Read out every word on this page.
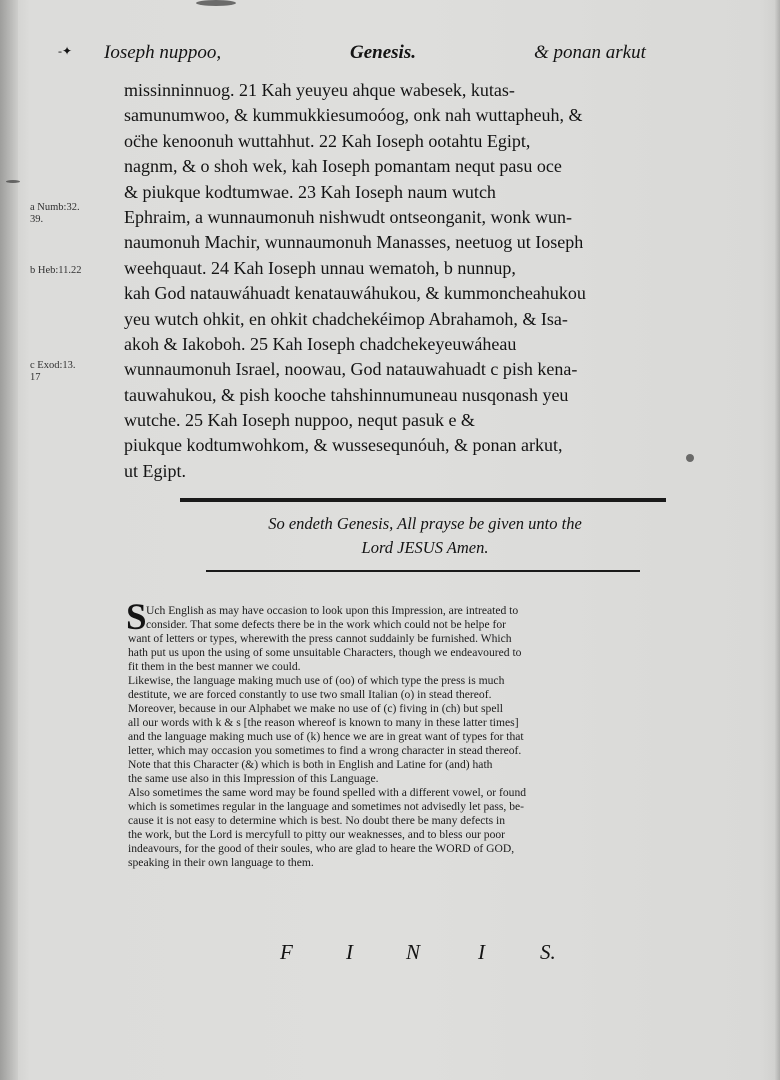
Ioseph nuppoo,	Genesis.	& ponan arkut
-✦
a Numb:32.
39.
b Heb:11.22
c Exod:13.
17
missinninnuog. 21 Kah yeuyeu ahque wabesek, kutas-
samunumwoo, & kummukkiesumoóog, onk nah wuttapheuh, &
oc̈he kenoonuh wuttahhut. 22 Kah Ioseph ootahtu Egipt,
nagnm, & o shoh wek, kah Ioseph pomantam nequt pasu oce
& piukque kodtumwae. 23 Kah Ioseph naum wutch
Ephraim, a wunnaumonuh nishwudt ontseonganit, wonk wun-
naumonuh Machir, wunnaumonuh Manasses, neetuog ut Ioseph
weehquaut. 24 Kah Ioseph unnau wematoh, b nunnup,
kah God natauwáhuadt kenatauwáhukou, & kummoncheahukou
yeu wutch ohkit, en ohkit chadchekéimop Abrahamoh, & Isa-
akoh & Iakoboh. 25 Kah Ioseph chadchekeyeuwáheau
wunnaumonuh Israel, noowau, God natauwahuadt c pish kena-
tauwahukou, & pish kooche tahshinnumuneau nusqonash yeu
wutche. 25 Kah Ioseph nuppoo, nequt pasuk e &
piukque kodtumwohkom, & wussesequnóuh, & ponan arkut,
ut Egipt.
So endeth Genesis, All prayse be given unto the
Lord JESUS Amen.
S Uch English as may have occasion to look upon this Impression, are intreated to
consider. That some defects there be in the work which could not be helpe for
want of letters or types, wherewith the press cannot suddainly be furnished. Which
hath put us upon the using of some unsuitable Characters, though we endeavoured to
fit them in the best manner we could.
Likewise, the language making much use of (oo) of which type the press is much
destitute, we are forced constantly to use two small Italian (o) in stead thereof.
Moreover, because in our Alphabet we make no use of (c) fiving in (ch) but spell
all our words with k & s [the reason whereof is known to many in these latter times]
and the language making much use of (k) hence we are in great want of types for that
letter, which may occasion you sometimes to find a wrong character in stead thereof.
Note that this Character (&) which is both in English and Latine for (and) hath
the same use also in this Impression of this Language.
Also sometimes the same word may be found spelled with a different vowel, or found
which is sometimes regular in the language and sometimes not advisedly let pass, be-
cause it is not easy to determine which is best. No doubt there be many defects in
the work, but the Lord is mercyfull to pitty our weaknesses, and to bless our poor
indeavours, for the good of their soules, who are glad to heare the WORD of GOD,
speaking in their own language to them.
F	I	N	I	S.
